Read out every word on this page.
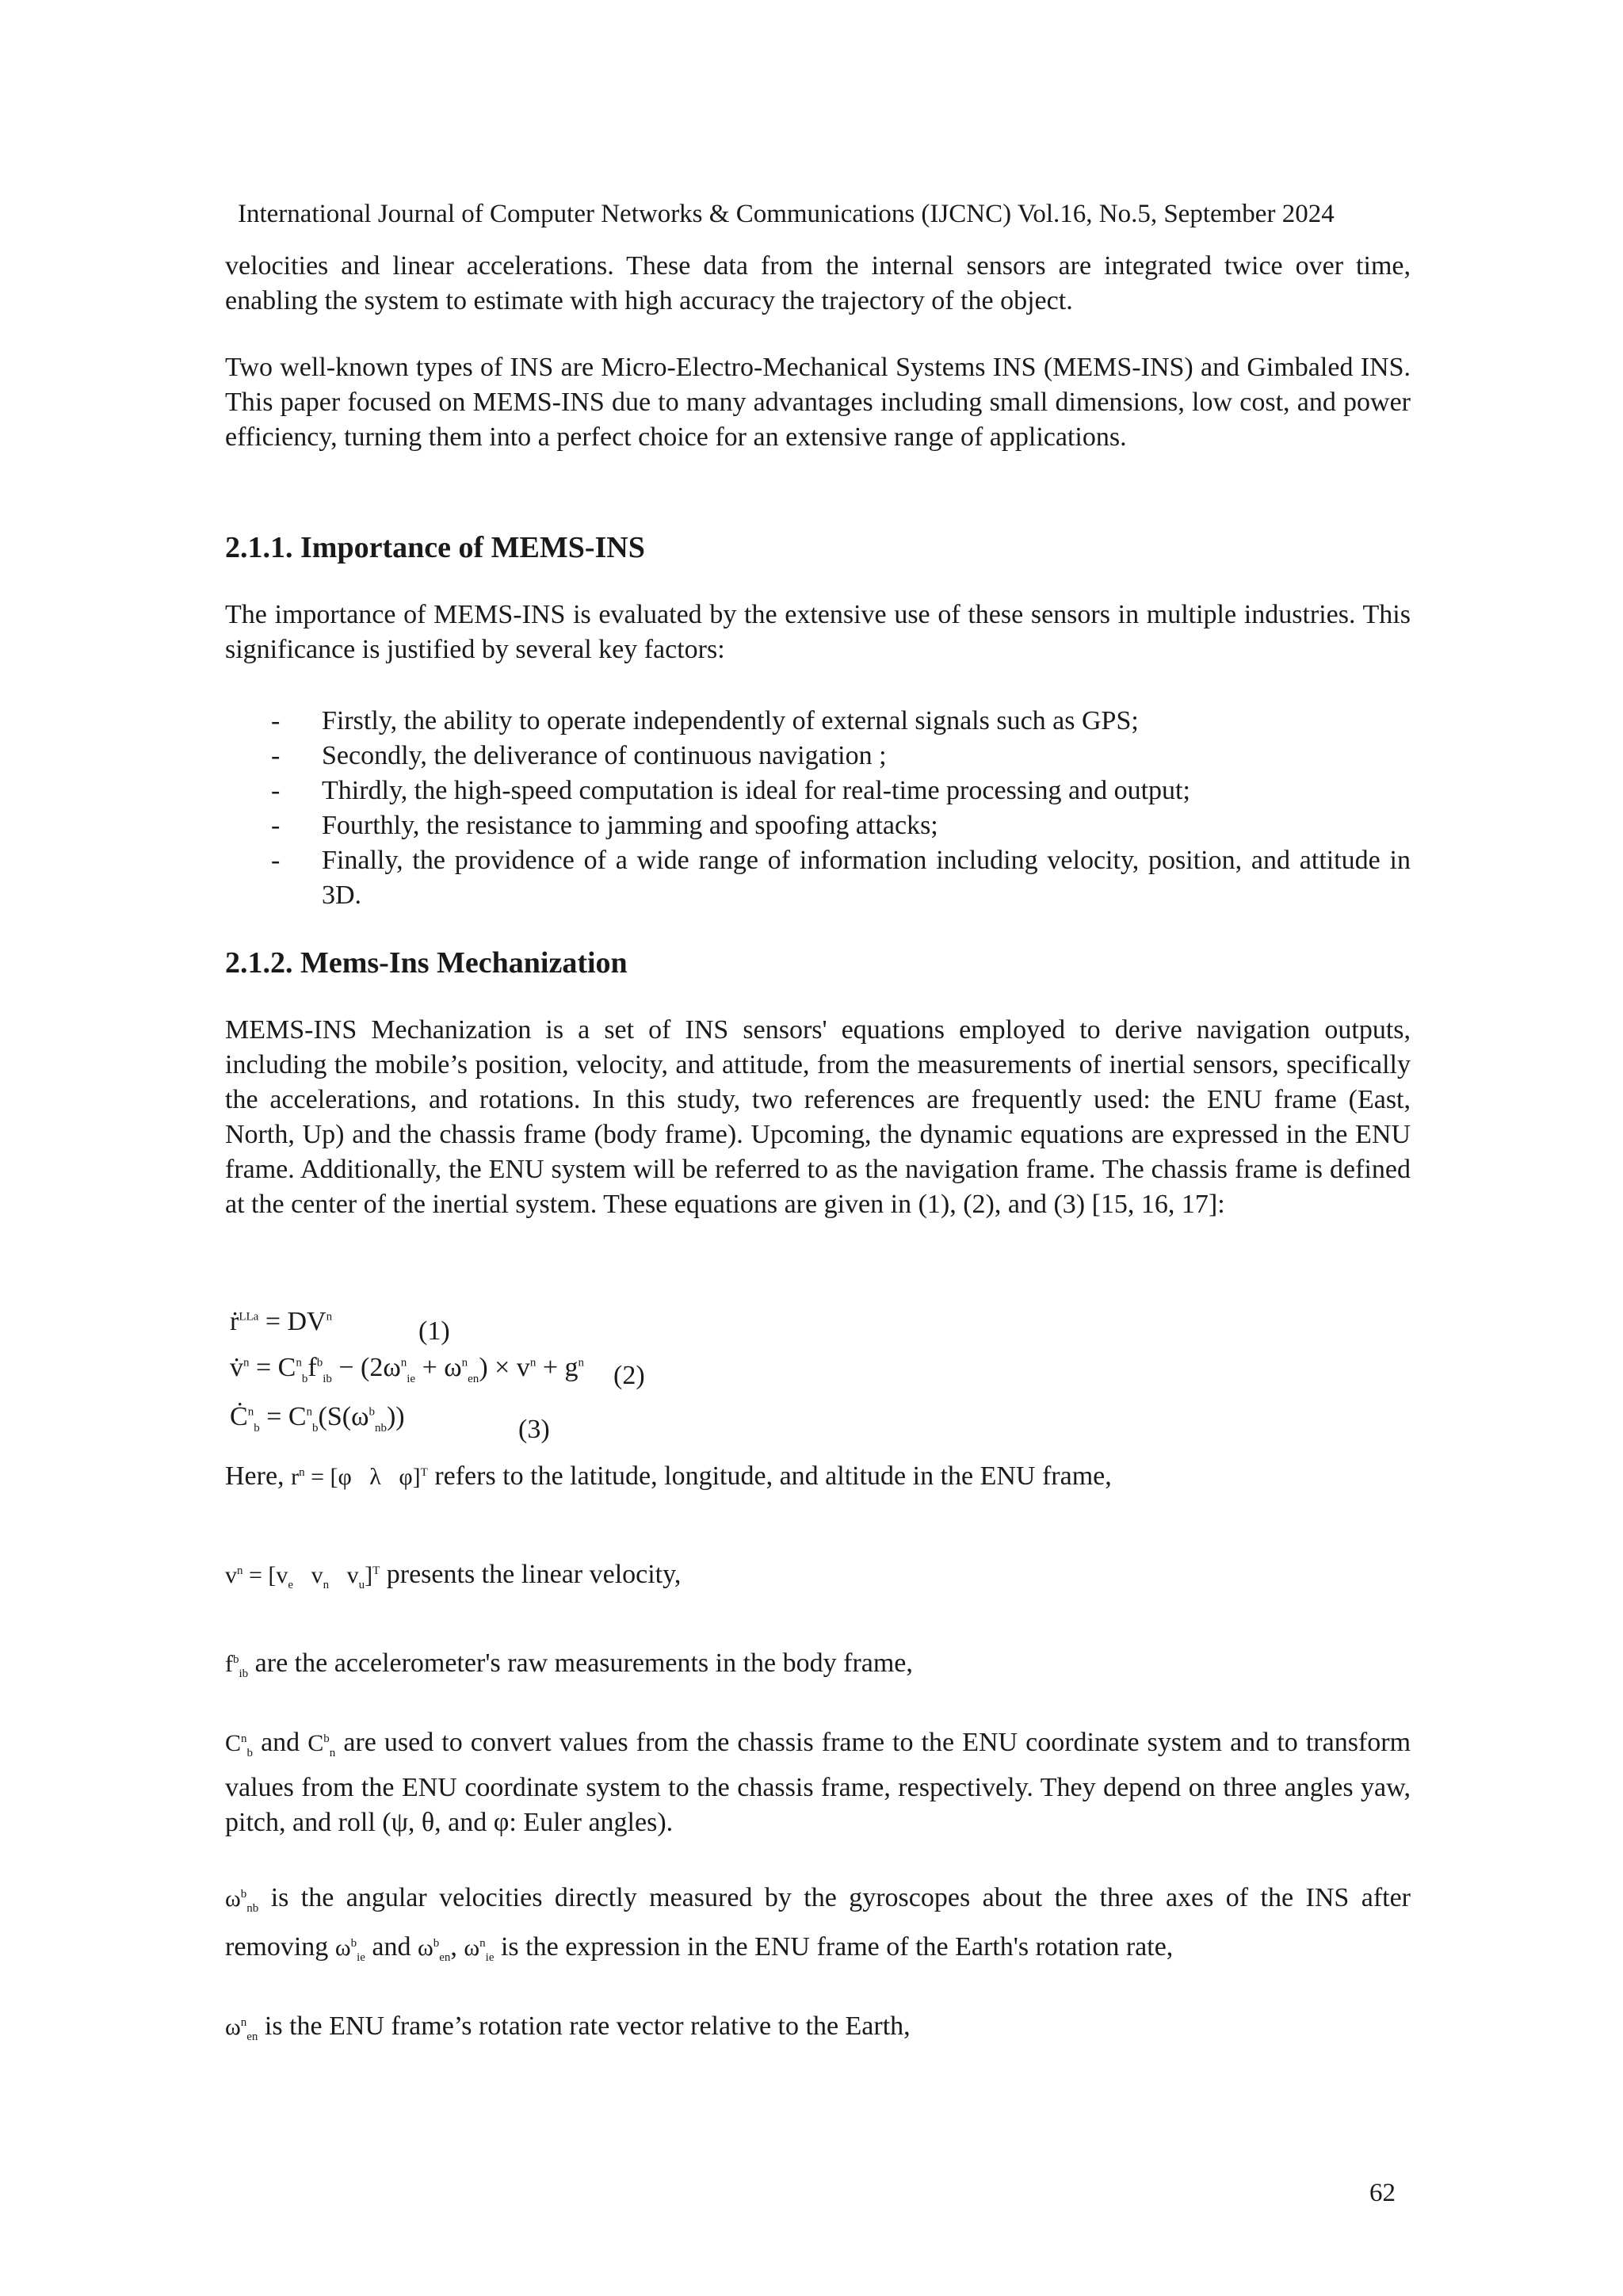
International Journal of Computer Networks & Communications (IJCNC) Vol.16, No.5, September 2024
velocities and linear accelerations. These data from the internal sensors are integrated twice over time, enabling the system to estimate with high accuracy the trajectory of the object.
Two well-known types of INS are Micro-Electro-Mechanical Systems INS (MEMS-INS) and Gimbaled INS. This paper focused on MEMS-INS due to many advantages including small dimensions, low cost, and power efficiency, turning them into a perfect choice for an extensive range of applications.
2.1.1. Importance of MEMS-INS
The importance of MEMS-INS is evaluated by the extensive use of these sensors in multiple industries. This significance is justified by several key factors:
- Firstly, the ability to operate independently of external signals such as GPS;
- Secondly, the deliverance of continuous navigation ;
- Thirdly, the high-speed computation is ideal for real-time processing and output;
- Fourthly, the resistance to jamming and spoofing attacks;
- Finally, the providence of a wide range of information including velocity, position, and attitude in 3D.
2.1.2. Mems-Ins Mechanization
MEMS-INS Mechanization is a set of INS sensors' equations employed to derive navigation outputs, including the mobile’s position, velocity, and attitude, from the measurements of inertial sensors, specifically the accelerations, and rotations. In this study, two references are frequently used: the ENU frame (East, North, Up) and the chassis frame (body frame). Upcoming, the dynamic equations are expressed in the ENU frame. Additionally, the ENU system will be referred to as the navigation frame. The chassis frame is defined at the center of the inertial system. These equations are given in (1), (2), and (3) [15, 16, 17]:
ṙ$^{LLa}$ = $DV^n$	(1)
v̇$^n$ = $C^n_bf^b_{ib} - (2\omega^n_{ie} + \omega^n_{en}) \times v^n + g^n$ (2)
$Ċ^n_b = C^n_b(S(\omega^b_{nb}))$	(3)
Here, $r^n = [\varphi$   λ   φ]$^T$ refers to the latitude, longitude, and altitude in the ENU frame,
$v^n = [v_e$   $v_n$   $v_u]^T$ presents the linear velocity,
$f^b_{ib}$ are the accelerometer's raw measurements in the body frame,
$C^n_b$ and $C^b_n$ are used to convert values from the chassis frame to the ENU coordinate system and to transform values from the ENU coordinate system to the chassis frame, respectively. They depend on three angles yaw, pitch, and roll (ψ, θ, and φ: Euler angles).
$\omega^b_{nb}$ is the angular velocities directly measured by the gyroscopes about the three axes of the INS after removing $\omega^b_{ie}$ and $\omega^b_{en}$, $\omega^n_{ie}$ is the expression in the ENU frame of the Earth's rotation rate,
$\omega^n_{en}$ is the ENU frame’s rotation rate vector relative to the Earth,
62
